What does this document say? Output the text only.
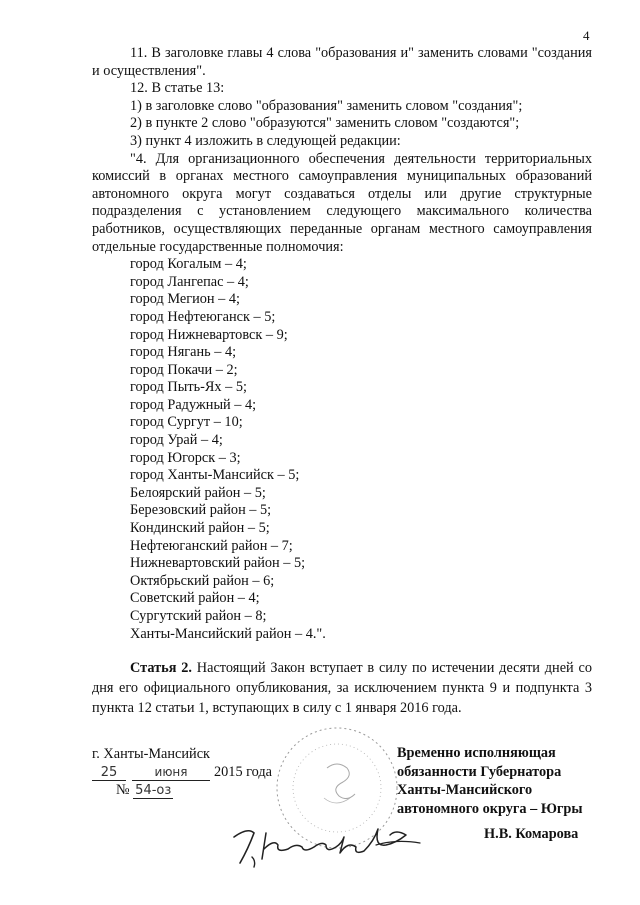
4

11. В заголовке главы 4 слова "образования и" заменить словами "создания и осуществления".

12. В статье 13:

1) в заголовке слово "образования" заменить словом "создания";

2) в пункте 2 слово "образуются" заменить словом "создаются";

3) пункт 4 изложить в следующей редакции:

"4. Для организационного обеспечения деятельности территориальных комиссий в органах местного самоуправления муниципальных образований автономного округа могут создаваться отделы или другие структурные подразделения с установлением следующего максимального количества работников, осуществляющих переданные органам местного самоуправления отдельные государственные полномочия:

город Когалым – 4;

город Лангепас – 4;

город Мегион – 4;

город Нефтеюганск – 5;

город Нижневартовск – 9;

город Нягань – 4;

город Покачи – 2;

город Пыть-Ях – 5;

город Радужный – 4;

город Сургут – 10;

город Урай – 4;

город Югорск – 3;

город Ханты-Мансийск – 5;

Белоярский район – 5;

Березовский район – 5;

Кондинский район – 5;

Нефтеюганский район – 7;

Нижневартовский район – 5;

Октябрьский район – 6;

Советский район – 4;

Сургутский район – 8;

Ханты-Мансийский район – 4.".

Статья 2. Настоящий Закон вступает в силу по истечении десяти дней со дня его официального опубликования, за исключением пункта 9 и подпункта 3 пункта 12 статьи 1, вступающих в силу с 1 января 2016 года.

г. Ханты-Мансийск
25	июня 2015 года
№ 54-оз
Временно исполняющая
обязанности Губернатора
Ханты-Мансийского
автономного округа – Югры
Н.В. Комарова
